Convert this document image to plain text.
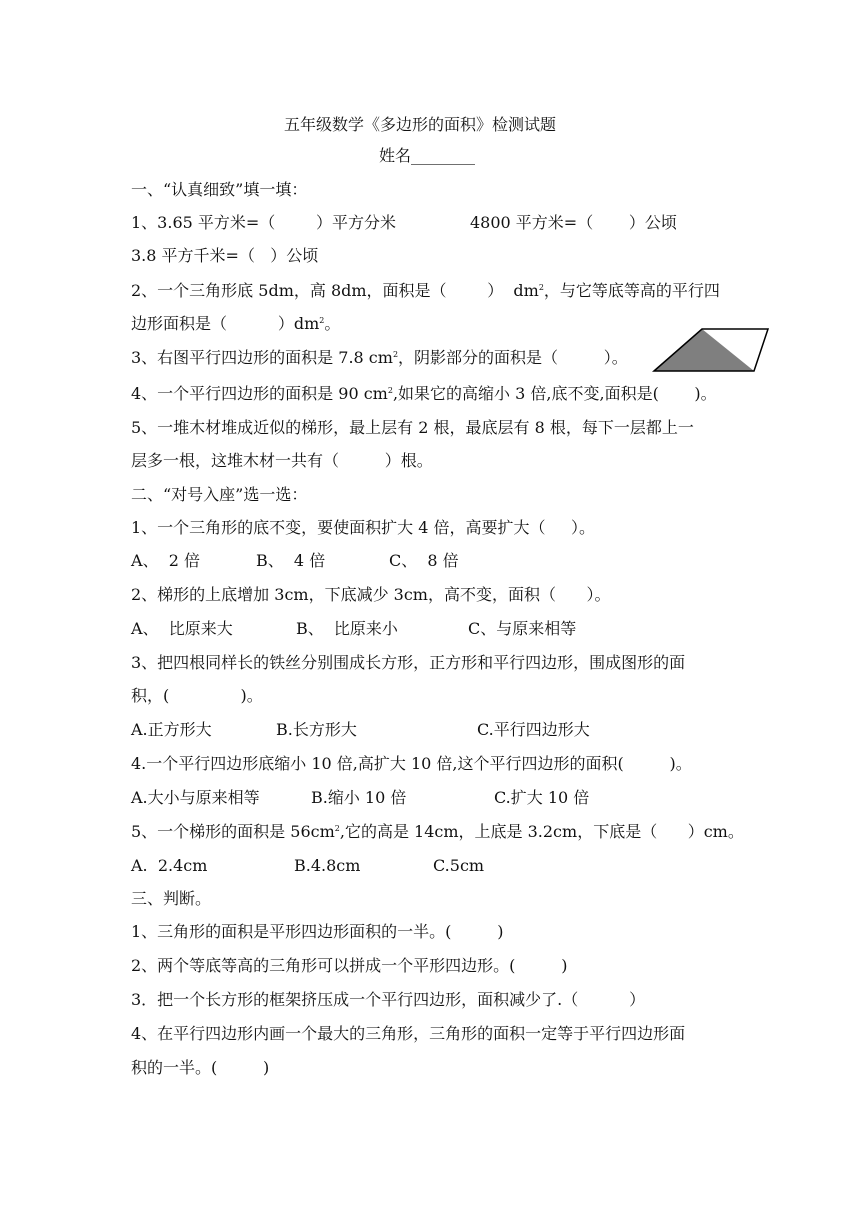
五年级数学《多边形的面积》检测试题
姓名________
一、“认真细致”填一填：
1、3.65 平方米=（        ）平方分米	4800 平方米=（       ）公顷
3.8 平方千米=（   ）公顷
2、一个三角形底 5dm，高 8dm，面积是（        ）  $dm^2$，与它等底等高的平行四
边形面积是（          ）$dm^2$。
3、右图平行四边形的面积是 7.8 $cm^2$，阴影部分的面积是（         ）。
4、一个平行四边形的面积是 90 $cm^2$,如果它的高缩小 3 倍,底不变,面积是(       )。
5、一堆木材堆成近似的梯形，最上层有 2 根，最底层有 8 根，每下一层都上一
层多一根，这堆木材一共有（         ）根。
二、“对号入座”选一选：
1、一个三角形的底不变，要使面积扩大 4 倍，高要扩大（     ）。
A、  2 倍	B、  4 倍	C、  8 倍
2、梯形的上底增加 3cm，下底减少 3cm，高不变，面积（      ）。
A、  比原来大	B、  比原来小	C、与原来相等
3、把四根同样长的铁丝分别围成长方形，正方形和平行四边形，围成图形的面
积，(              )。
A.正方形大	B.长方形大	C.平行四边形大
4.一个平行四边形底缩小 10 倍,高扩大 10 倍,这个平行四边形的面积(         )。
A.大小与原来相等	B.缩小 10 倍	C.扩大 10 倍
5、一个梯形的面积是 $56cm^2$,它的高是 14cm，上底是 3.2cm，下底是（      ）cm。
A.  2.4cm	B.4.8cm	C.5cm
三、判断。
1、三角形的面积是平形四边形面积的一半。(         )
2、两个等底等高的三角形可以拼成一个平形四边形。(         )
3．把一个长方形的框架挤压成一个平行四边形，面积减少了.（          ）
4、在平行四边形内画一个最大的三角形，三角形的面积一定等于平行四边形面
积的一半。(         )
